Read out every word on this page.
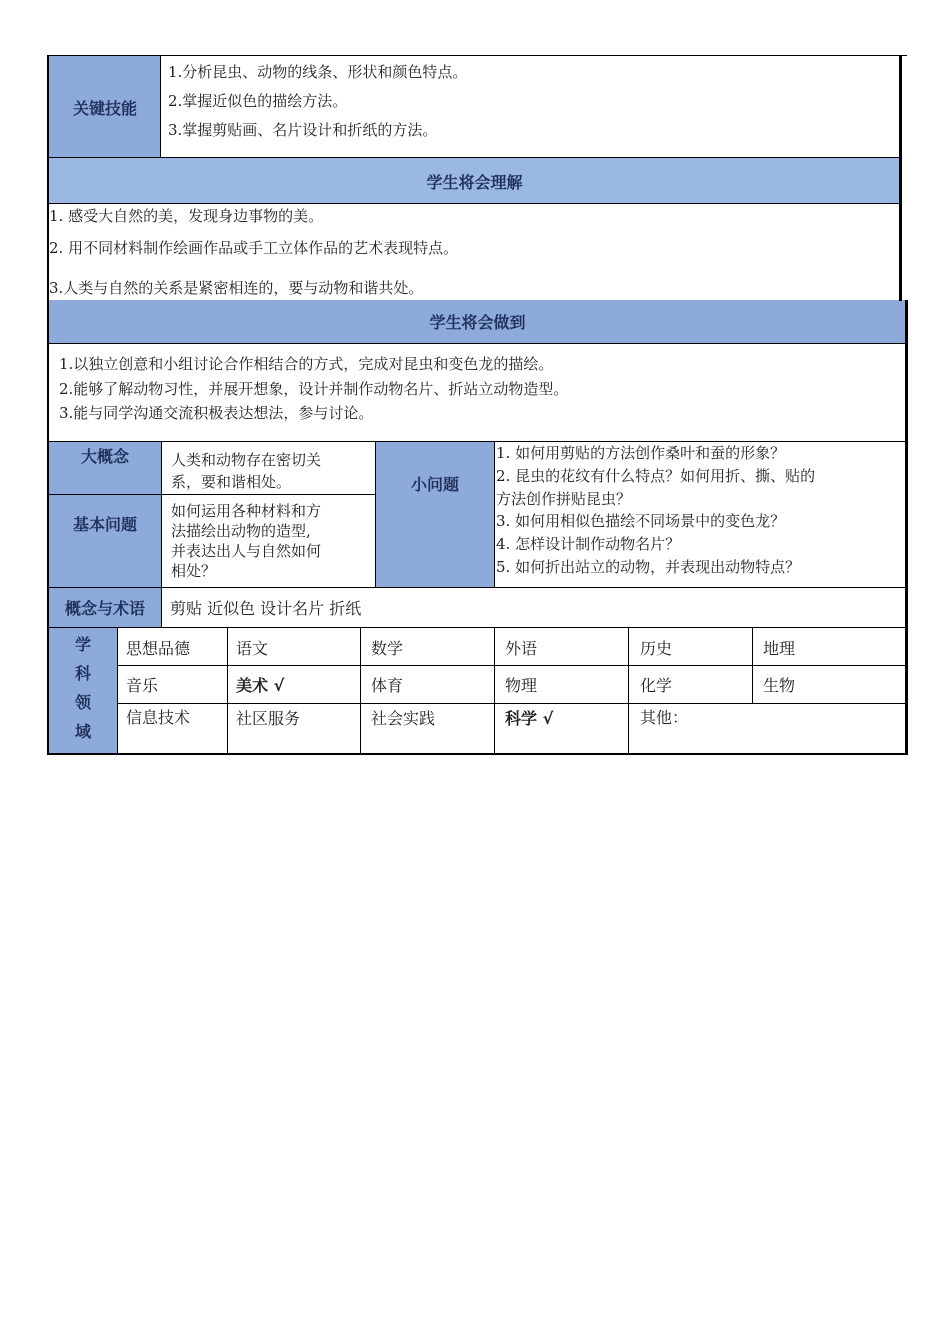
关键技能
1.分析昆虫、动物的线条、形状和颜色特点。
2.掌握近似色的描绘方法。
3.掌握剪贴画、名片设计和折纸的方法。
学生将会理解
1. 感受大自然的美，发现身边事物的美。
2. 用不同材料制作绘画作品或手工立体作品的艺术表现特点。
3.人类与自然的关系是紧密相连的，要与动物和谐共处。
学生将会做到
1.以独立创意和小组讨论合作相结合的方式，完成对昆虫和变色龙的描绘。
2.能够了解动物习性，并展开想象，设计并制作动物名片、折站立动物造型。
3.能与同学沟通交流积极表达想法，参与讨论。
大概念	人类和动物存在密切关
系，要和谐相处。
基本问题
如何运用各种材料和方
法描绘出动物的造型,
并表达出人与自然如何
相处？
小问题
1. 如何用剪贴的方法创作桑叶和蚕的形象？
2. 昆虫的花纹有什么特点？如何用折、撕、贴的
方法创作拼贴昆虫？
3. 如何用相似色描绘不同场景中的变色龙？
4. 怎样设计制作动物名片？
5. 如何折出站立的动物，并表现出动物特点？
概念与术语 剪贴 近似色 设计名片 折纸
学
科
领
域
思想品德	语文	数学	外语	历史	地理
音乐	美术 √	体育	物理	化学	生物
信息技术	社区服务	社会实践	科学 √	其他：
